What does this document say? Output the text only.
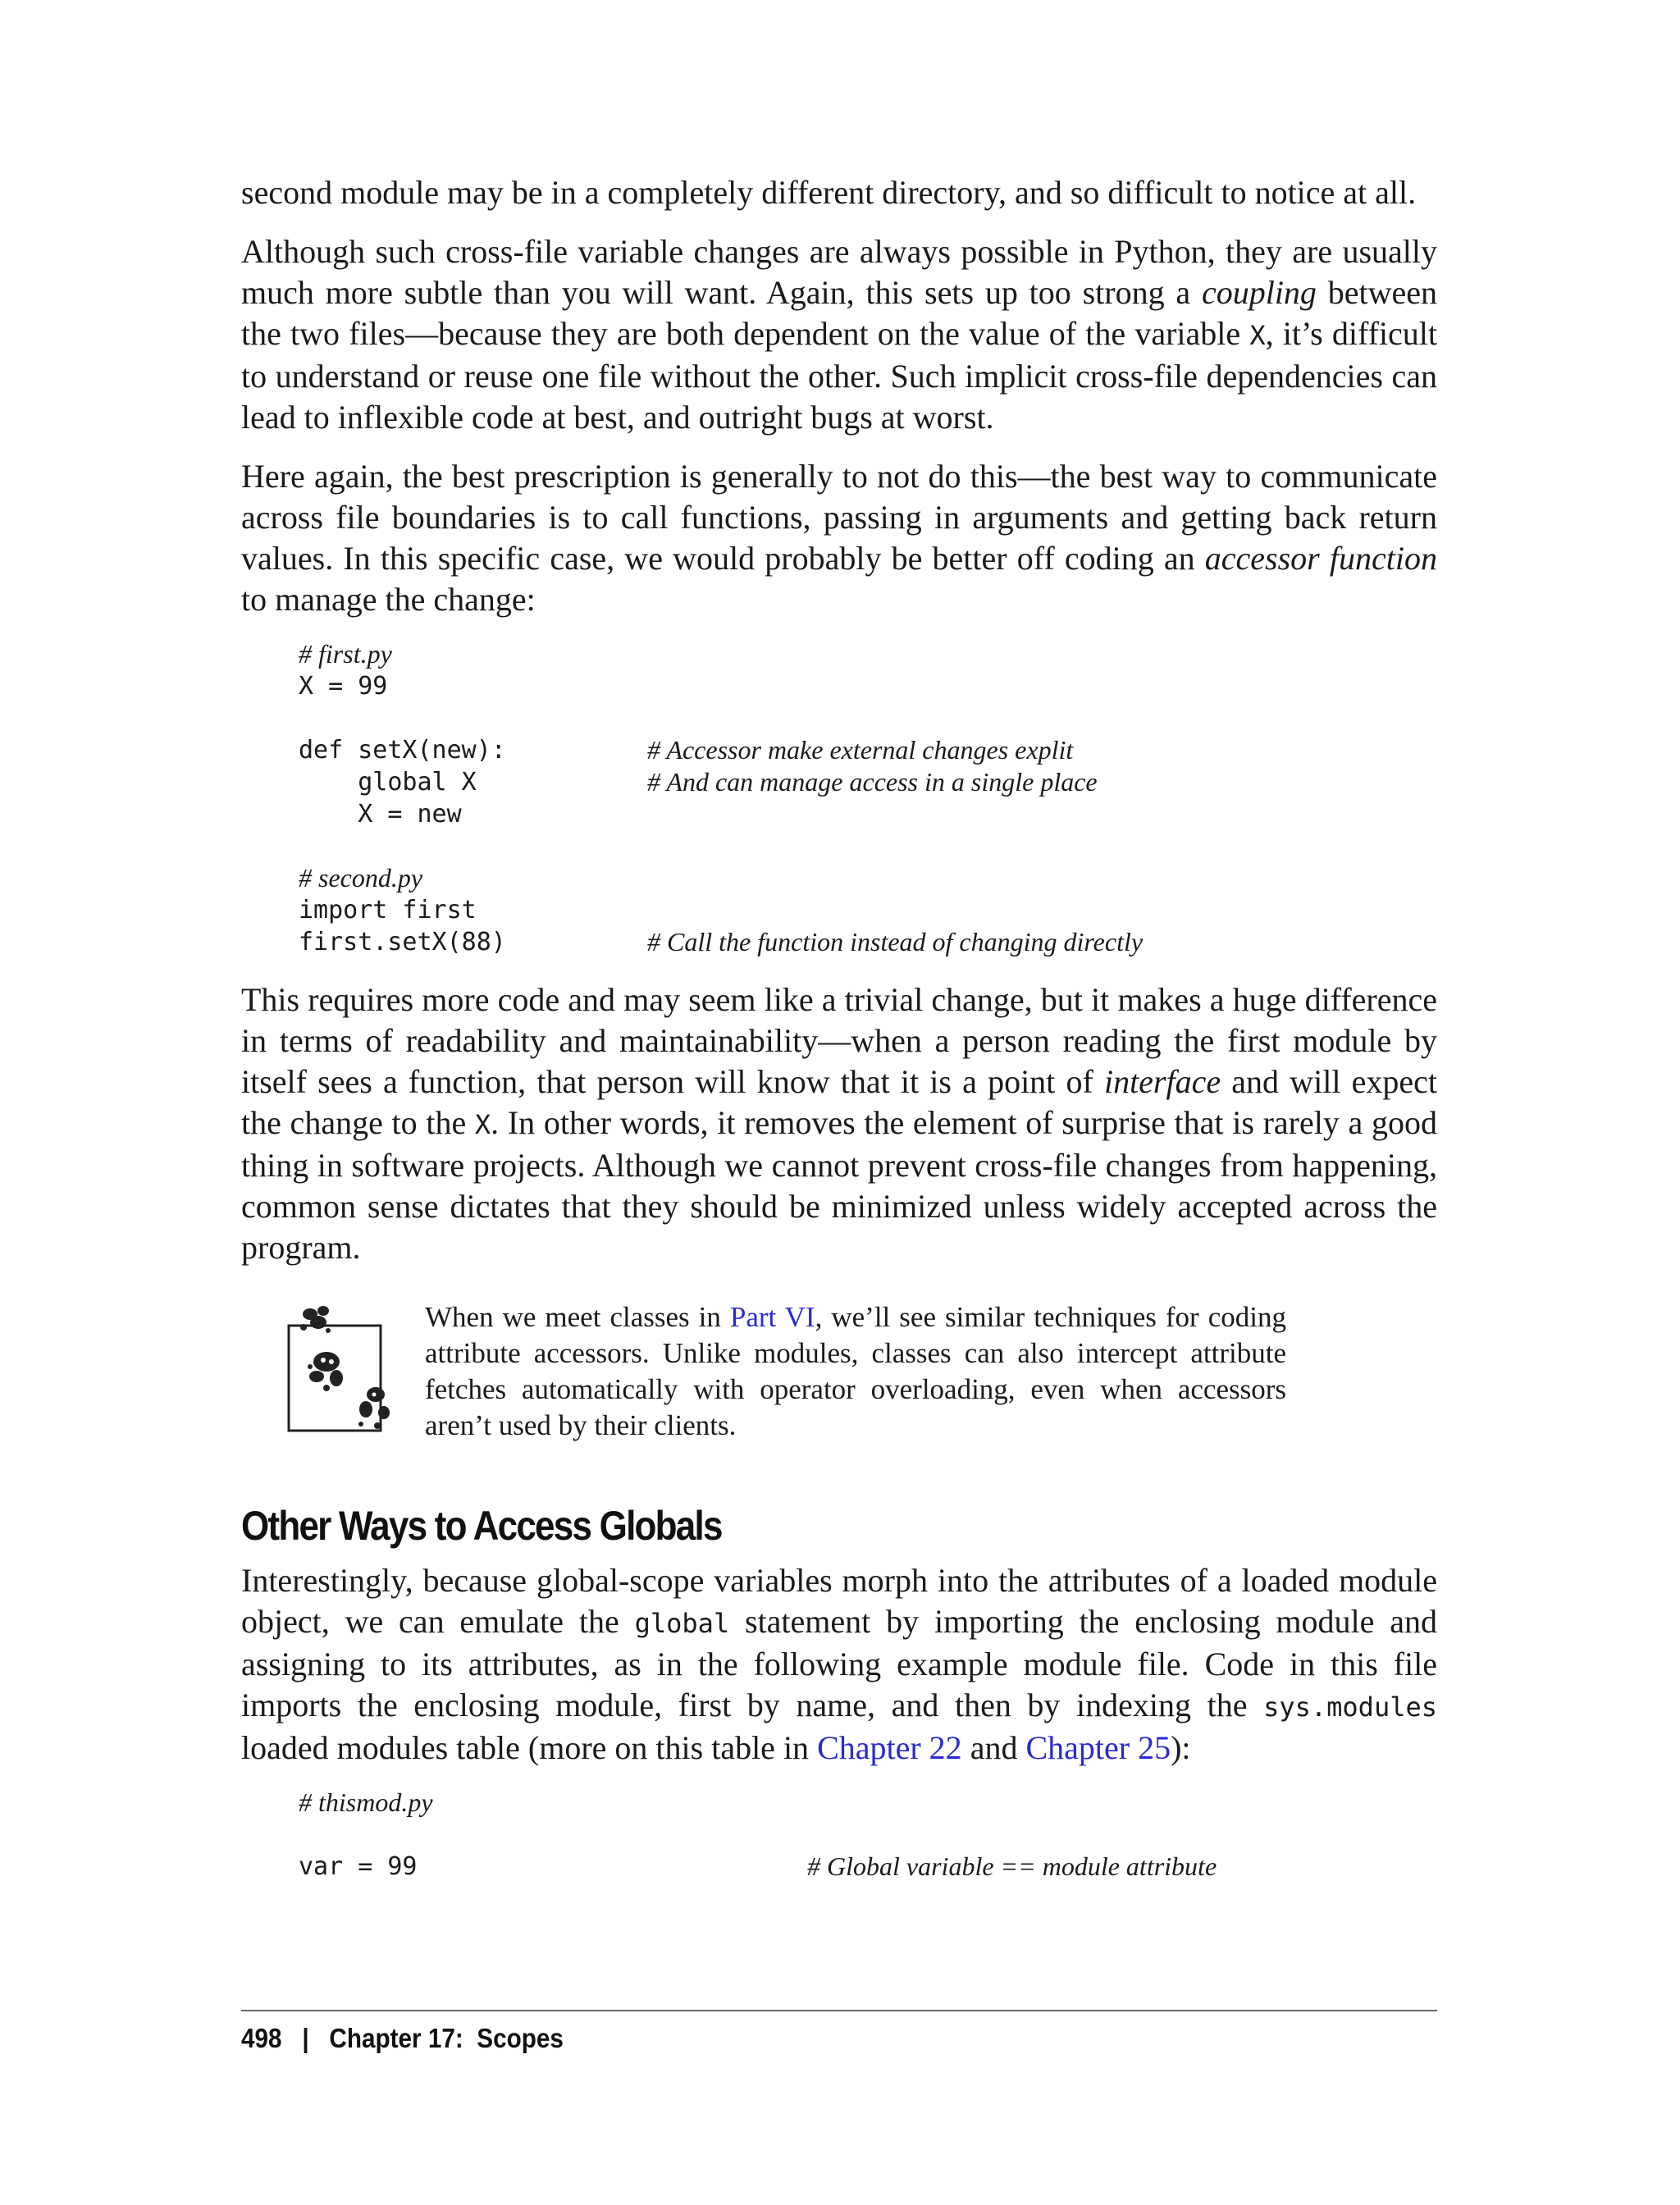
second module may be in a completely different directory, and so difficult to notice at all.

Although such cross-file variable changes are always possible in Python, they are usually much more subtle than you will want. Again, this sets up too strong a coupling between the two files—because they are both dependent on the value of the variable X, it’s difficult to understand or reuse one file without the other. Such implicit cross-file dependencies can lead to inflexible code at best, and outright bugs at worst.

Here again, the best prescription is generally to not do this—the best way to communicate across file boundaries is to call functions, passing in arguments and getting back return values. In this specific case, we would probably be better off coding an accessor function to manage the change:

# first.py
X = 99
def setX(new):	# Accessor make external changes explit
global X	# And can manage access in a single place
X = new
# second.py
import first
first.setX(88)	# Call the function instead of changing directly

This requires more code and may seem like a trivial change, but it makes a huge difference in terms of readability and maintainability—when a person reading the first module by itself sees a function, that person will know that it is a point of interface and will expect the change to the X. In other words, it removes the element of surprise that is rarely a good thing in software projects. Although we cannot prevent cross-file changes from happening, common sense dictates that they should be minimized unless widely accepted across the program.

When we meet classes in Part VI, we’ll see similar techniques for coding attribute accessors. Unlike modules, classes can also intercept attribute fetches automatically with operator overloading, even when accessors aren’t used by their clients.
Other Ways to Access Globals

Interestingly, because global-scope variables morph into the attributes of a loaded module object, we can emulate the global statement by importing the enclosing module and assigning to its attributes, as in the following example module file. Code in this file imports the enclosing module, first by name, and then by indexing the sys.modules loaded modules table (more on this table in Chapter 22 and Chapter 25):

# thismod.py
var = 99	# Global variable == module attribute
498 | Chapter 17:  Scopes
